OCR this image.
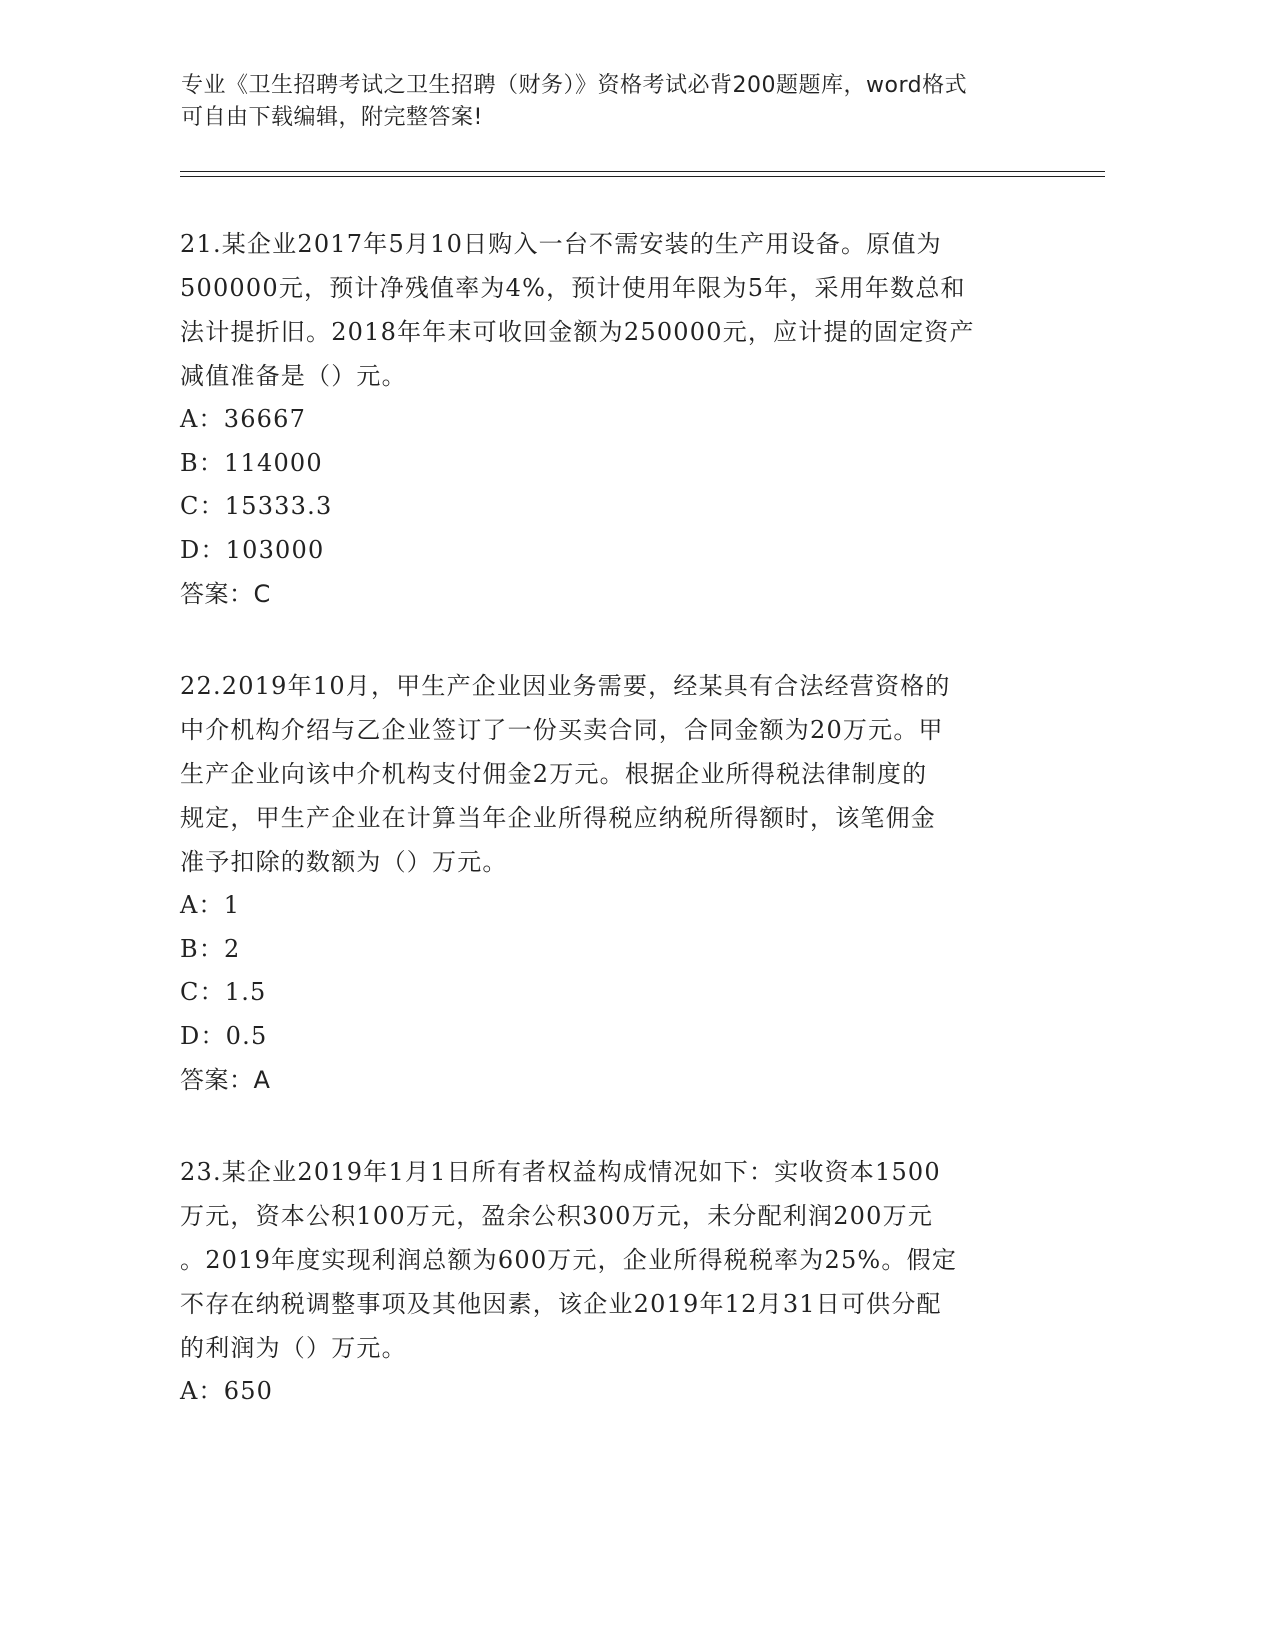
专业《卫生招聘考试之卫生招聘（财务）》资格考试必背200题题库，word格式
可自由下载编辑，附完整答案!

21.某企业2017年5月10日购入一台不需安装的生产用设备。原值为

500000元，预计净残值率为4%，预计使用年限为5年，采用年数总和

法计提折旧。2018年年末可收回金额为250000元，应计提的固定资产

减值准备是（）元。

A：36667

B：114000

C：15333.3

D：103000

答案：C

22.2019年10月，甲生产企业因业务需要，经某具有合法经营资格的

中介机构介绍与乙企业签订了一份买卖合同，合同金额为20万元。甲

生产企业向该中介机构支付佣金2万元。根据企业所得税法律制度的

规定，甲生产企业在计算当年企业所得税应纳税所得额时，该笔佣金

准予扣除的数额为（）万元。

A：1

B：2

C：1.5

D：0.5

答案：A

23.某企业2019年1月1日所有者权益构成情况如下：实收资本1500

万元，资本公积100万元，盈余公积300万元，未分配利润200万元

。2019年度实现利润总额为600万元，企业所得税税率为25%。假定

不存在纳税调整事项及其他因素，该企业2019年12月31日可供分配

的利润为（）万元。

A：650
